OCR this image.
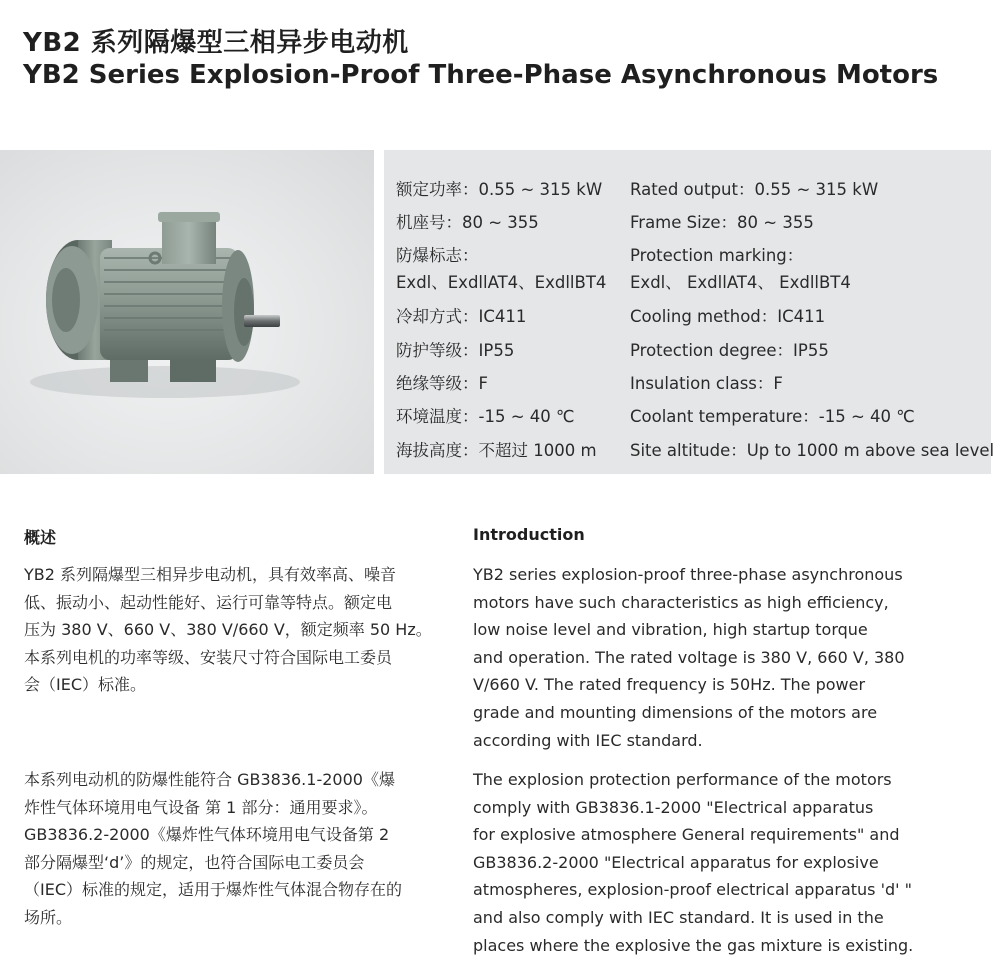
YB2 系列隔爆型三相异步电动机
YB2 Series Explosion-Proof Three-Phase Asynchronous Motors
额定功率：0.55 ~ 315 kW
机座号：80 ~ 355
防爆标志：
Exdl、ExdllAT4、ExdllBT4
冷却方式：IC411
防护等级：IP55
绝缘等级：F
环境温度：-15 ~ 40 ℃
海拔高度：不超过 1000 m
Rated output：0.55 ~ 315 kW
Frame Size：80 ~ 355
Protection marking：
Exdl、 ExdllAT4、 ExdllBT4
Cooling method：IC411
Protection degree：IP55
Insulation class：F
Coolant temperature：-15 ~ 40 ℃
Site altitude：Up to 1000 m above sea level
概述	Introduction
YB2 系列隔爆型三相异步电动机，具有效率高、噪音
低、振动小、起动性能好、运行可靠等特点。额定电
压为 380 V、660 V、380 V/660 V，额定频率 50 Hz。
本系列电机的功率等级、安装尺寸符合国际电工委员
会（IEC）标准。
YB2 series explosion-proof three-phase asynchronous
motors have such characteristics as high efficiency,
low noise level and vibration, high startup torque
and operation. The rated voltage is 380 V, 660 V, 380
V/660 V. The rated frequency is 50Hz. The power
grade and mounting dimensions of the motors are
according with IEC standard.
本系列电动机的防爆性能符合 GB3836.1-2000《爆
炸性气体环境用电气设备 第 1 部分：通用要求》。
GB3836.2-2000《爆炸性气体环境用电气设备第 2
部分隔爆型‘d’》的规定，也符合国际电工委员会
（IEC）标准的规定，适用于爆炸性气体混合物存在的
场所。
The explosion protection performance of the motors
comply with GB3836.1-2000 "Electrical apparatus
for explosive atmosphere General requirements" and
GB3836.2-2000 "Electrical apparatus for explosive
atmospheres, explosion-proof electrical apparatus 'd' "
and also comply with IEC standard. It is used in the
places where the explosive the gas mixture is existing.
